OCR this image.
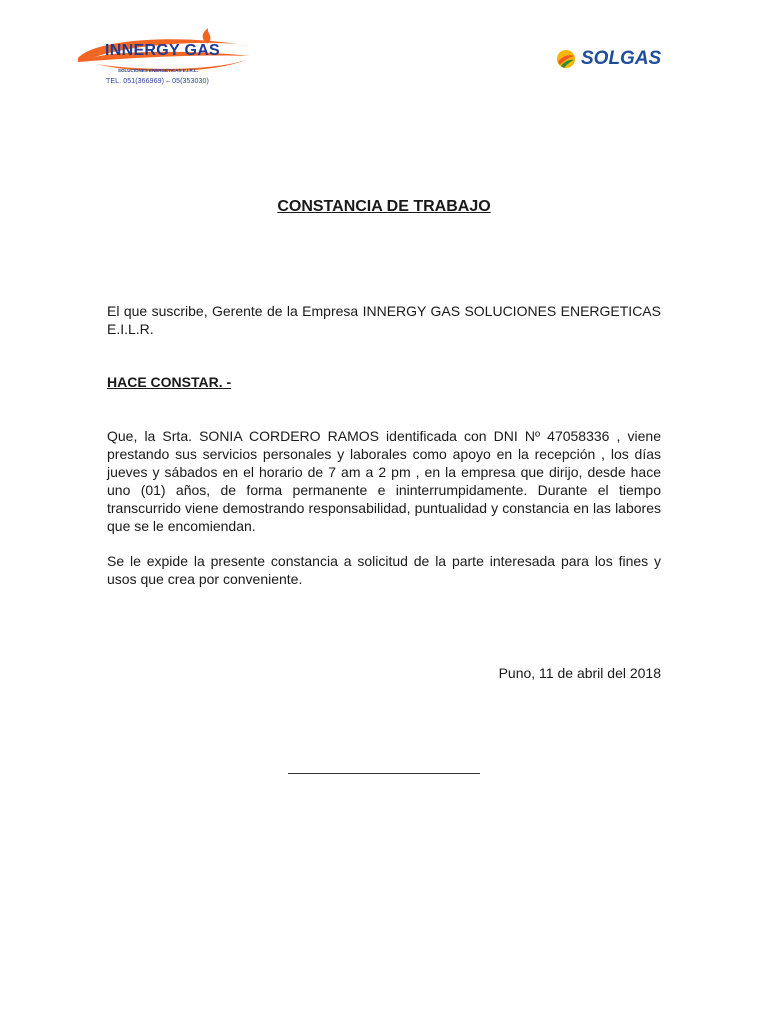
INNERGY GAS
SOLUCIONES ENERGÉTICAS E.I.R.L.
TEL. 051(366969) – 05(353030)
SOLGAS
CONSTANCIA DE TRABAJO

El que suscribe, Gerente de la Empresa INNERGY GAS SOLUCIONES ENERGETICAS E.I.L.R.

HACE CONSTAR. -

Que, la Srta. SONIA CORDERO RAMOS identificada con DNI Nº 47058336 , viene prestando sus servicios personales y laborales como apoyo en la recepción , los días jueves y sábados en el horario de 7 am a 2 pm , en la empresa que dirijo, desde hace uno (01) años, de forma permanente e ininterrumpidamente. Durante el tiempo transcurrido viene demostrando responsabilidad, puntualidad y constancia en las labores que se le encomiendan.

Se le expide la presente constancia a solicitud de la parte interesada para los fines y usos que crea por conveniente.

Puno, 11 de abril del 2018
